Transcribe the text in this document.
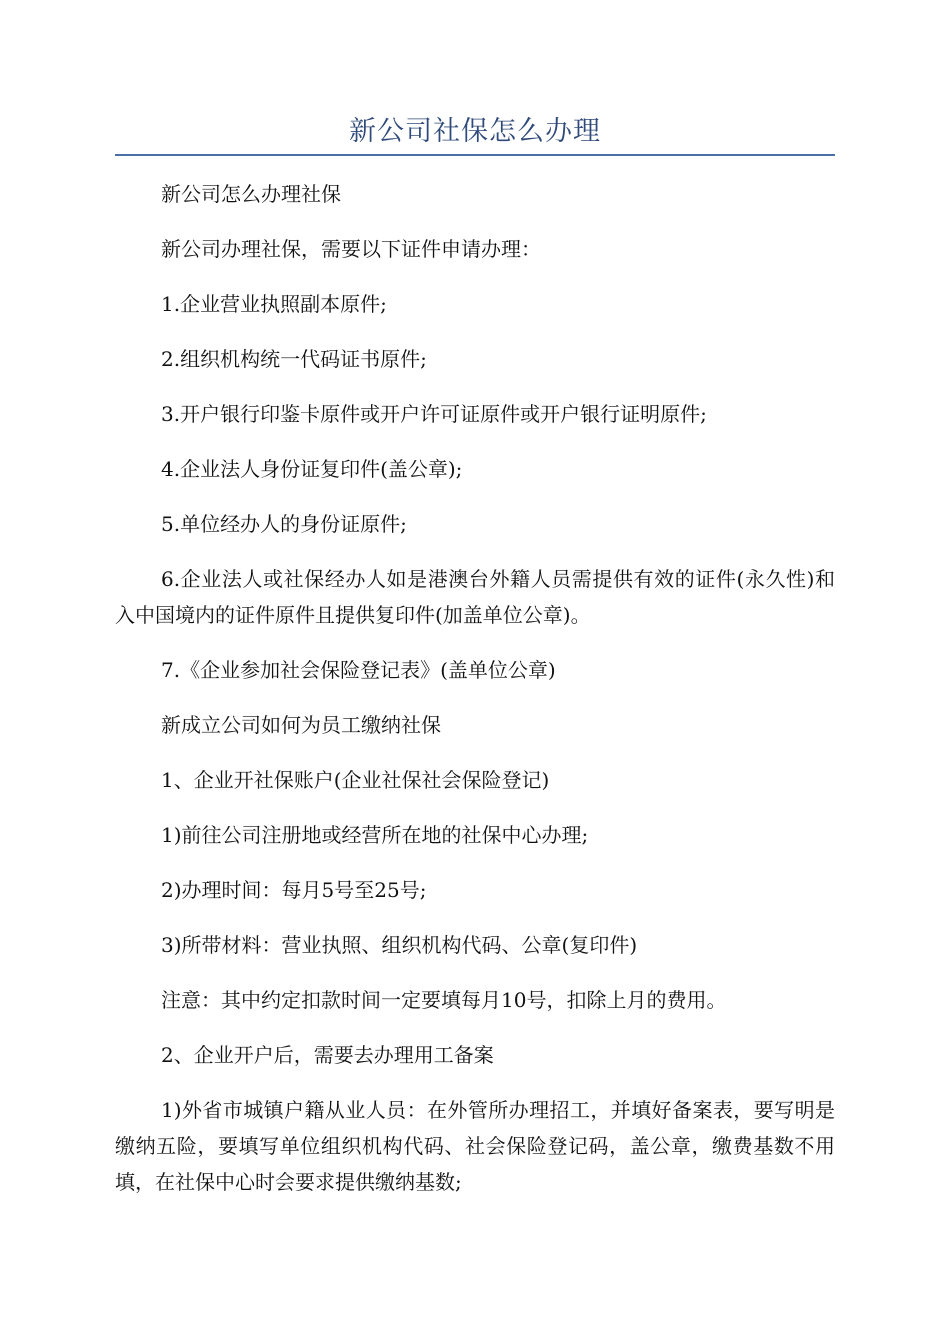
新公司社保怎么办理

新公司怎么办理社保

新公司办理社保，需要以下证件申请办理：

1.企业营业执照副本原件;

2.组织机构统一代码证书原件;

3.开户银行印鉴卡原件或开户许可证原件或开户银行证明原件;

4.企业法人身份证复印件(盖公章);

5.单位经办人的身份证原件;

6.企业法人或社保经办人如是港澳台外籍人员需提供有效的证件(永久性)和入中国境内的证件原件且提供复印件(加盖单位公章)。

7.《企业参加社会保险登记表》(盖单位公章)

新成立公司如何为员工缴纳社保

1、企业开社保账户(企业社保社会保险登记)

1)前往公司注册地或经营所在地的社保中心办理;

2)办理时间：每月5号至25号;

3)所带材料：营业执照、组织机构代码、公章(复印件)

注意：其中约定扣款时间一定要填每月10号，扣除上月的费用。

2、企业开户后，需要去办理用工备案

1)外省市城镇户籍从业人员：在外管所办理招工，并填好备案表，要写明是缴纳五险，要填写单位组织机构代码、社会保险登记码，盖公章，缴费基数不用填，在社保中心时会要求提供缴纳基数;
